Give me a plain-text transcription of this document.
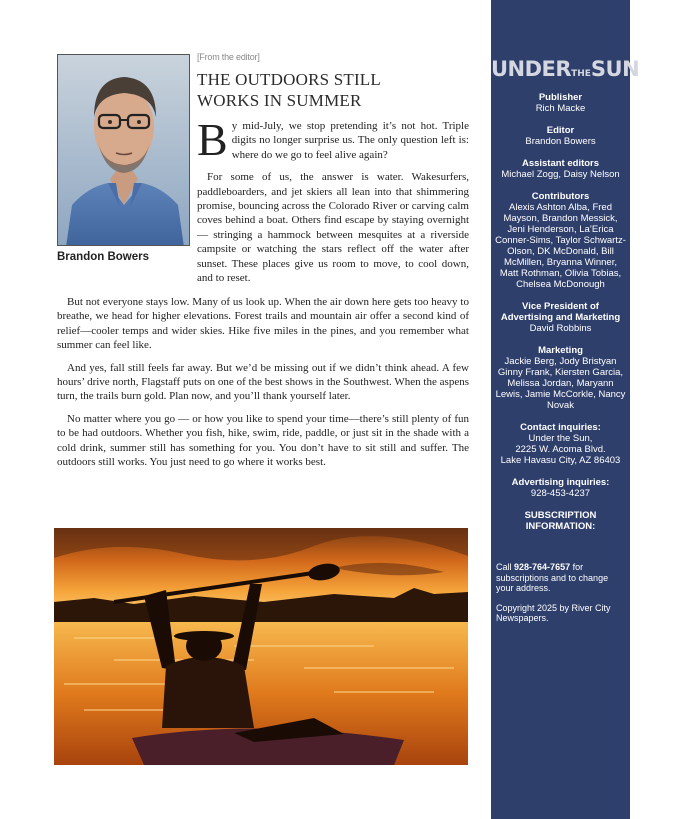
Brandon Bowers
[From the editor]
THE OUTDOORS STILL WORKS IN SUMMER

By mid-July, we stop pretending it’s not hot. Triple digits no longer surprise us. The only question left is: where do we go to feel alive again?

For some of us, the answer is water. Wakesurfers, paddleboarders, and jet skiers all lean into that shimmering promise, bouncing across the Colorado River or carving calm coves behind a boat. Others find escape by staying overnight — stringing a hammock between mesquites at a riverside campsite or watching the stars reflect off the water after sunset. These places give us room to move, to cool down, and to reset.

But not everyone stays low. Many of us look up. When the air down here gets too heavy to breathe, we head for higher elevations. Forest trails and mountain air offer a second kind of relief—cooler temps and wider skies. Hike five miles in the pines, and you remember what summer can feel like.

And yes, fall still feels far away. But we’d be missing out if we didn’t think ahead. A few hours’ drive north, Flagstaff puts on one of the best shows in the Southwest. When the aspens turn, the trails burn gold. Plan now, and you’ll thank yourself later.

No matter where you go — or how you like to spend your time—there’s still plenty of fun to be had outdoors. Whether you fish, hike, swim, ride, paddle, or just sit in the shade with a cold drink, summer still has something for you. You don’t have to sit still and suffer. The outdoors still works. You just need to go where it works best.

UNDERTHESUN
Publisher
Rich Macke
Editor
Brandon Bowers
Assistant editors
Michael Zogg, Daisy Nelson
Contributors
Alexis Ashton Alba, Fred Mayson, Brandon Messick, Jeni Henderson, La’Erica Conner-Sims, Taylor Schwartz-Olson, DK McDonald, Bill McMillen, Bryanna Winner, Matt Rothman, Olivia Tobias, Chelsea McDonough
Vice President of Advertising and Marketing
David Robbins
Marketing
Jackie Berg, Jody Bristyan Ginny Frank, Kiersten Garcia, Melissa Jordan, Maryann Lewis, Jamie McCorkle, Nancy Novak
Contact inquiries:
Under the Sun,
2225 W. Acoma Blvd.
Lake Havasu City, AZ 86403
Advertising inquiries:
928-453-4237
SUBSCRIPTION INFORMATION:

Call 928-764-7657 for subscriptions and to change your address.

Copyright 2025 by River City Newspapers.
